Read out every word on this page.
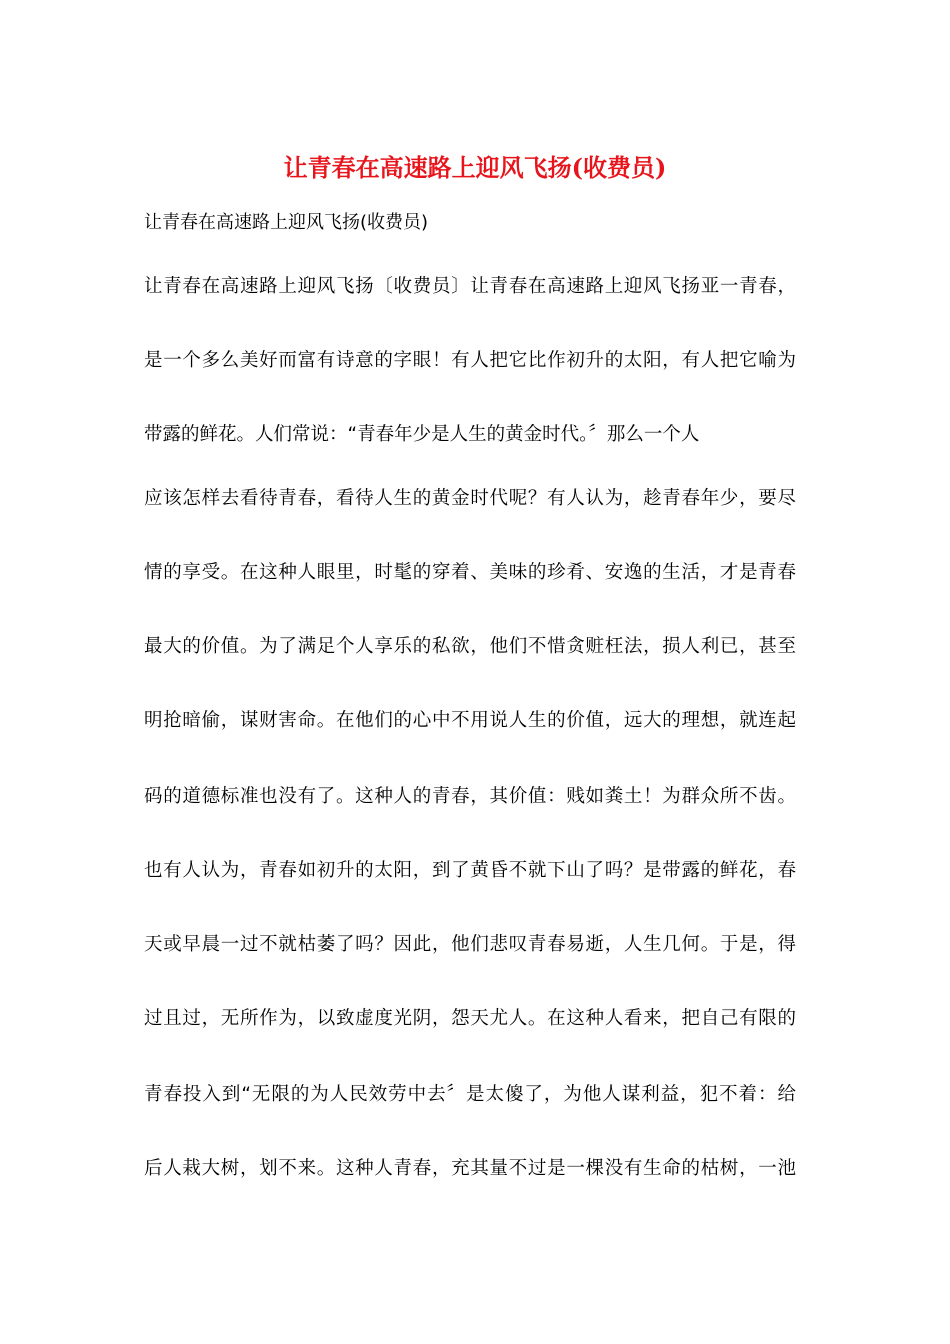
让青春在高速路上迎风飞扬(收费员)

让青春在高速路上迎风飞扬(收费员)

让青春在高速路上迎风飞扬〔收费员〕让青春在高速路上迎风飞扬亚一青春，

是一个多么美好而富有诗意的字眼！有人把它比作初升的太阳，有人把它喻为

带露的鲜花。人们常说：“青春年少是人生的黄金时代。〞那么一个人

应该怎样去看待青春，看待人生的黄金时代呢？有人认为，趁青春年少，要尽

情的享受。在这种人眼里，时髦的穿着、美味的珍肴、安逸的生活，才是青春

最大的价值。为了满足个人享乐的私欲，他们不惜贪赃枉法，损人利已，甚至

明抢暗偷，谋财害命。在他们的心中不用说人生的价值，远大的理想，就连起

码的道德标准也没有了。这种人的青春，其价值：贱如粪土！为群众所不齿。

也有人认为，青春如初升的太阳，到了黄昏不就下山了吗？是带露的鲜花，春

天或早晨一过不就枯萎了吗？因此，他们悲叹青春易逝，人生几何。于是，得

过且过，无所作为，以致虚度光阴，怨天尤人。在这种人看来，把自己有限的

青春投入到“无限的为人民效劳中去〞是太傻了，为他人谋利益，犯不着：给

后人栽大树，划不来。这种人青春，充其量不过是一棵没有生命的枯树，一池
